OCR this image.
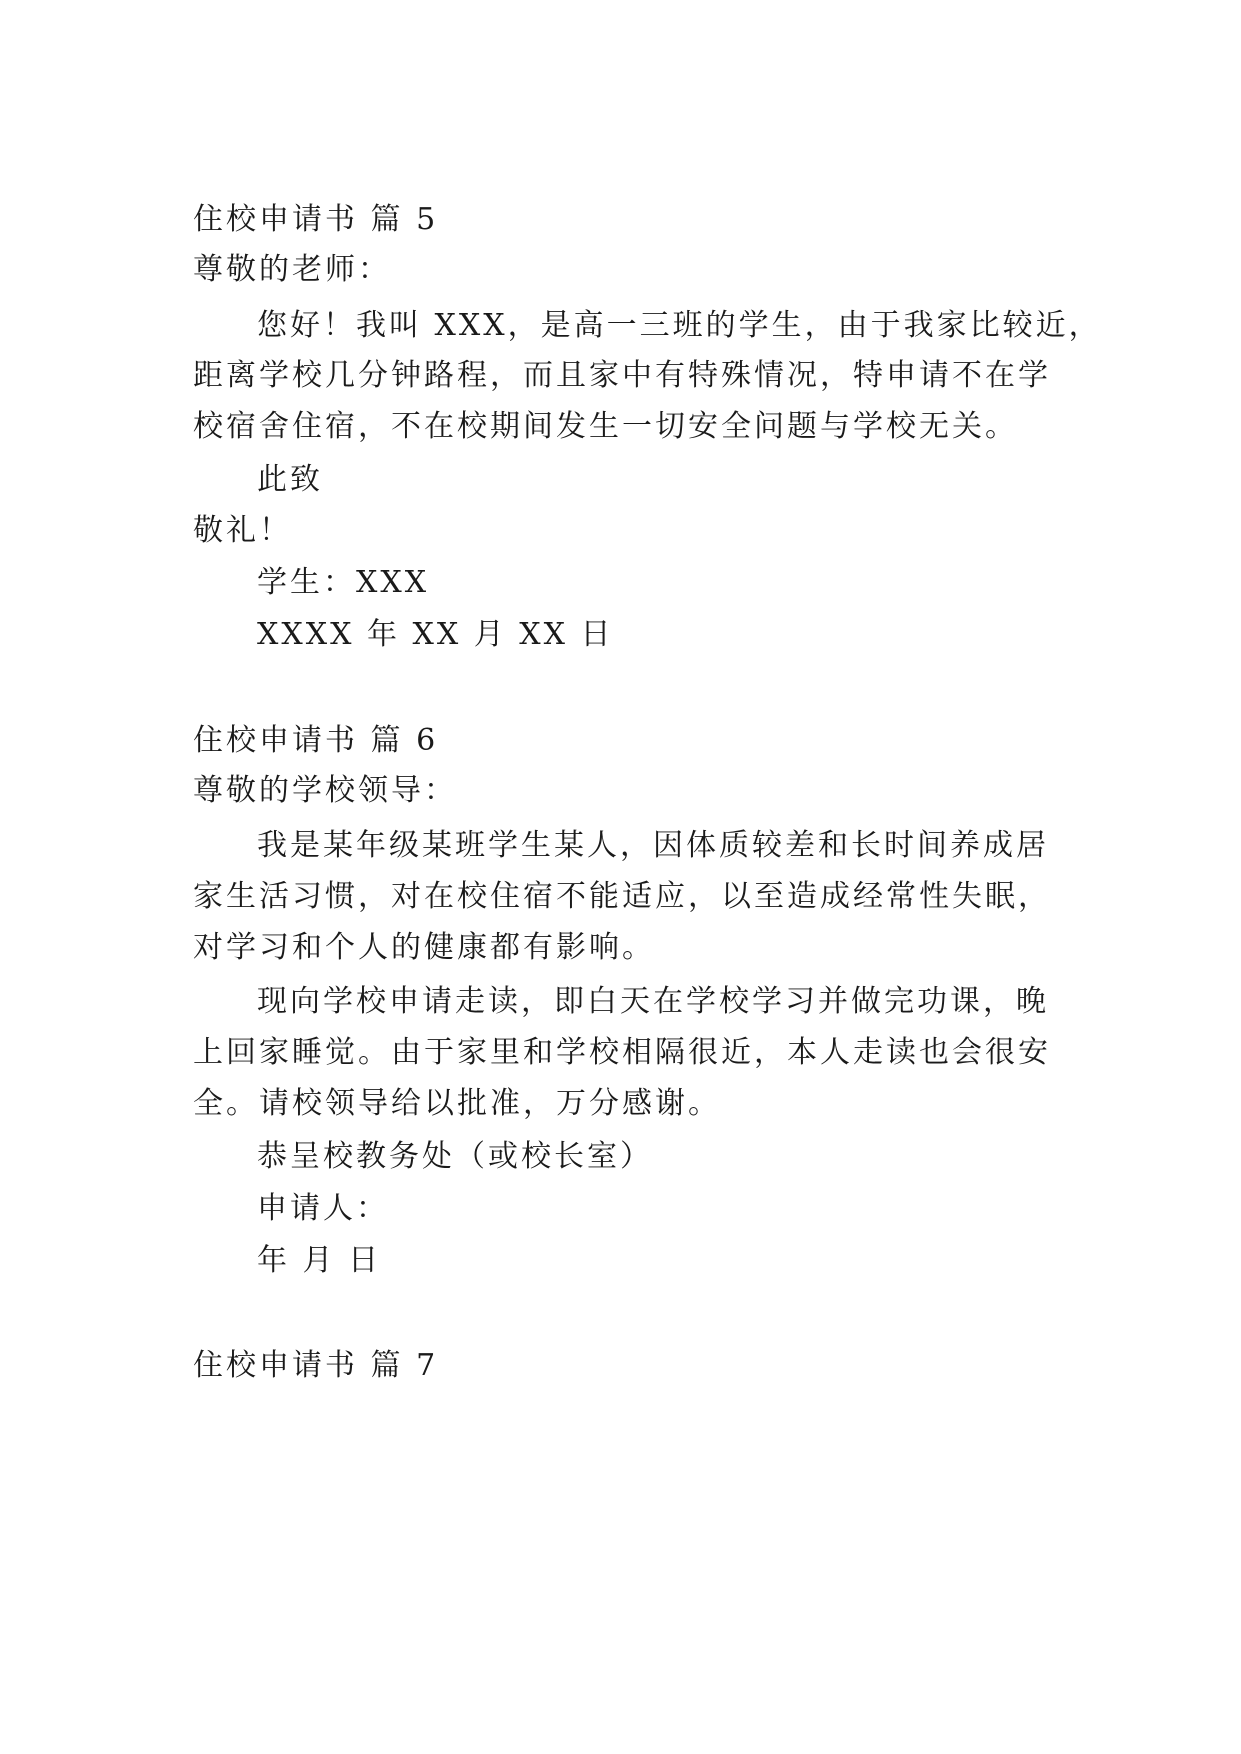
住校申请书 篇 5
尊敬的老师：
您好！我叫 XXX，是高一三班的学生，由于我家比较近，
距离学校几分钟路程，而且家中有特殊情况，特申请不在学
校宿舍住宿，不在校期间发生一切安全问题与学校无关。
此致
敬礼！
学生：XXX
XXXX 年 XX 月 XX 日
住校申请书 篇 6
尊敬的学校领导：
我是某年级某班学生某人，因体质较差和长时间养成居
家生活习惯，对在校住宿不能适应，以至造成经常性失眠，
对学习和个人的健康都有影响。
现向学校申请走读，即白天在学校学习并做完功课，晚
上回家睡觉。由于家里和学校相隔很近，本人走读也会很安
全。请校领导给以批准，万分感谢。
恭呈校教务处（或校长室）
申请人：
年 月 日
住校申请书 篇 7
